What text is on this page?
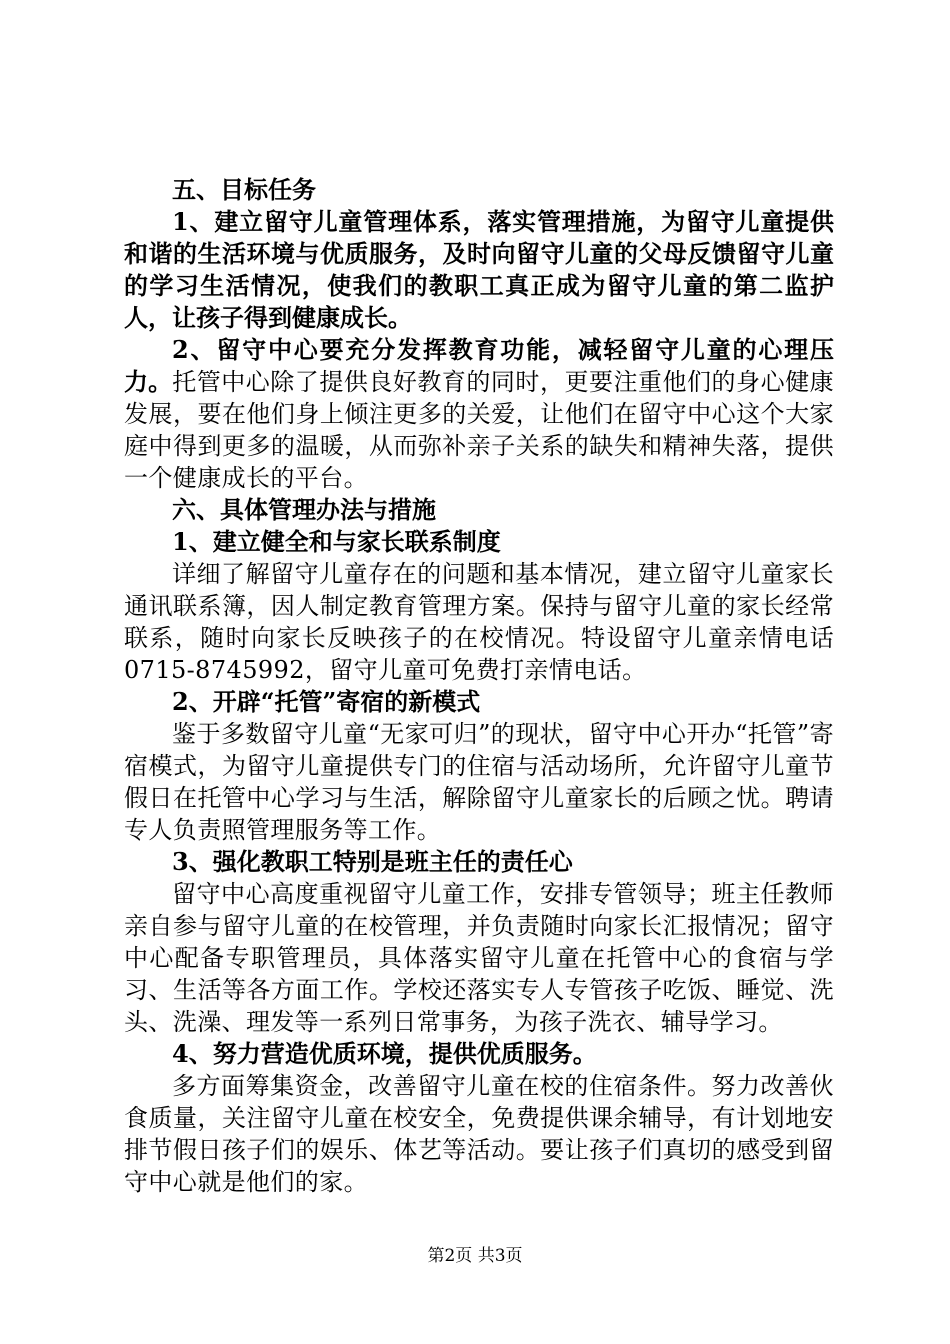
五、目标任务

1、建立留守儿童管理体系，落实管理措施，为留守儿童提供和谐的生活环境与优质服务，及时向留守儿童的父母反馈留守儿童的学习生活情况，使我们的教职工真正成为留守儿童的第二监护人，让孩子得到健康成长。

2、留守中心要充分发挥教育功能，减轻留守儿童的心理压力。托管中心除了提供良好教育的同时，更要注重他们的身心健康发展，要在他们身上倾注更多的关爱，让他们在留守中心这个大家庭中得到更多的温暖，从而弥补亲子关系的缺失和精神失落，提供一个健康成长的平台。

六、具体管理办法与措施

1、建立健全和与家长联系制度

详细了解留守儿童存在的问题和基本情况，建立留守儿童家长通讯联系簿，因人制定教育管理方案。保持与留守儿童的家长经常联系，随时向家长反映孩子的在校情况。特设留守儿童亲情电话0715-8745992，留守儿童可免费打亲情电话。

2、开辟“托管”寄宿的新模式

鉴于多数留守儿童“无家可归”的现状，留守中心开办“托管”寄宿模式，为留守儿童提供专门的住宿与活动场所，允许留守儿童节假日在托管中心学习与生活，解除留守儿童家长的后顾之忧。聘请专人负责照管理服务等工作。

3、强化教职工特别是班主任的责任心

留守中心高度重视留守儿童工作，安排专管领导；班主任教师亲自参与留守儿童的在校管理，并负责随时向家长汇报情况；留守中心配备专职管理员，具体落实留守儿童在托管中心的食宿与学习、生活等各方面工作。学校还落实专人专管孩子吃饭、睡觉、洗头、洗澡、理发等一系列日常事务，为孩子洗衣、辅导学习。

4、努力营造优质环境，提供优质服务。

多方面筹集资金，改善留守儿童在校的住宿条件。努力改善伙食质量，关注留守儿童在校安全，免费提供课余辅导，有计划地安排节假日孩子们的娱乐、体艺等活动。要让孩子们真切的感受到留守中心就是他们的家。

第2页 共3页
